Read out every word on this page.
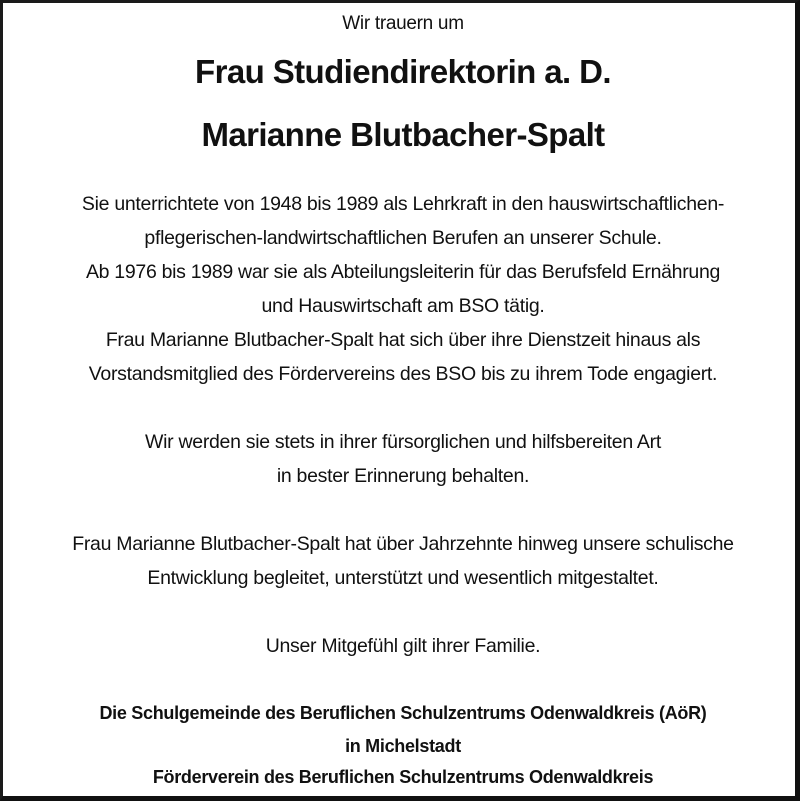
Wir trauern um
Frau Studiendirektorin a. D.
Marianne Blutbacher-Spalt
Sie unterrichtete von 1948 bis 1989 als Lehrkraft in den hauswirtschaftlichen-
pflegerischen-landwirtschaftlichen Berufen an unserer Schule.
Ab 1976 bis 1989 war sie als Abteilungsleiterin für das Berufsfeld Ernährung
und Hauswirtschaft am BSO tätig.
Frau Marianne Blutbacher-Spalt hat sich über ihre Dienstzeit hinaus als
Vorstandsmitglied des Fördervereins des BSO bis zu ihrem Tode engagiert.
Wir werden sie stets in ihrer fürsorglichen und hilfsbereiten Art
in bester Erinnerung behalten.
Frau Marianne Blutbacher-Spalt hat über Jahrzehnte hinweg unsere schulische
Entwicklung begleitet, unterstützt und wesentlich mitgestaltet.
Unser Mitgefühl gilt ihrer Familie.
Die Schulgemeinde des Beruflichen Schulzentrums Odenwaldkreis (AöR)
in Michelstadt
Förderverein des Beruflichen Schulzentrums Odenwaldkreis
